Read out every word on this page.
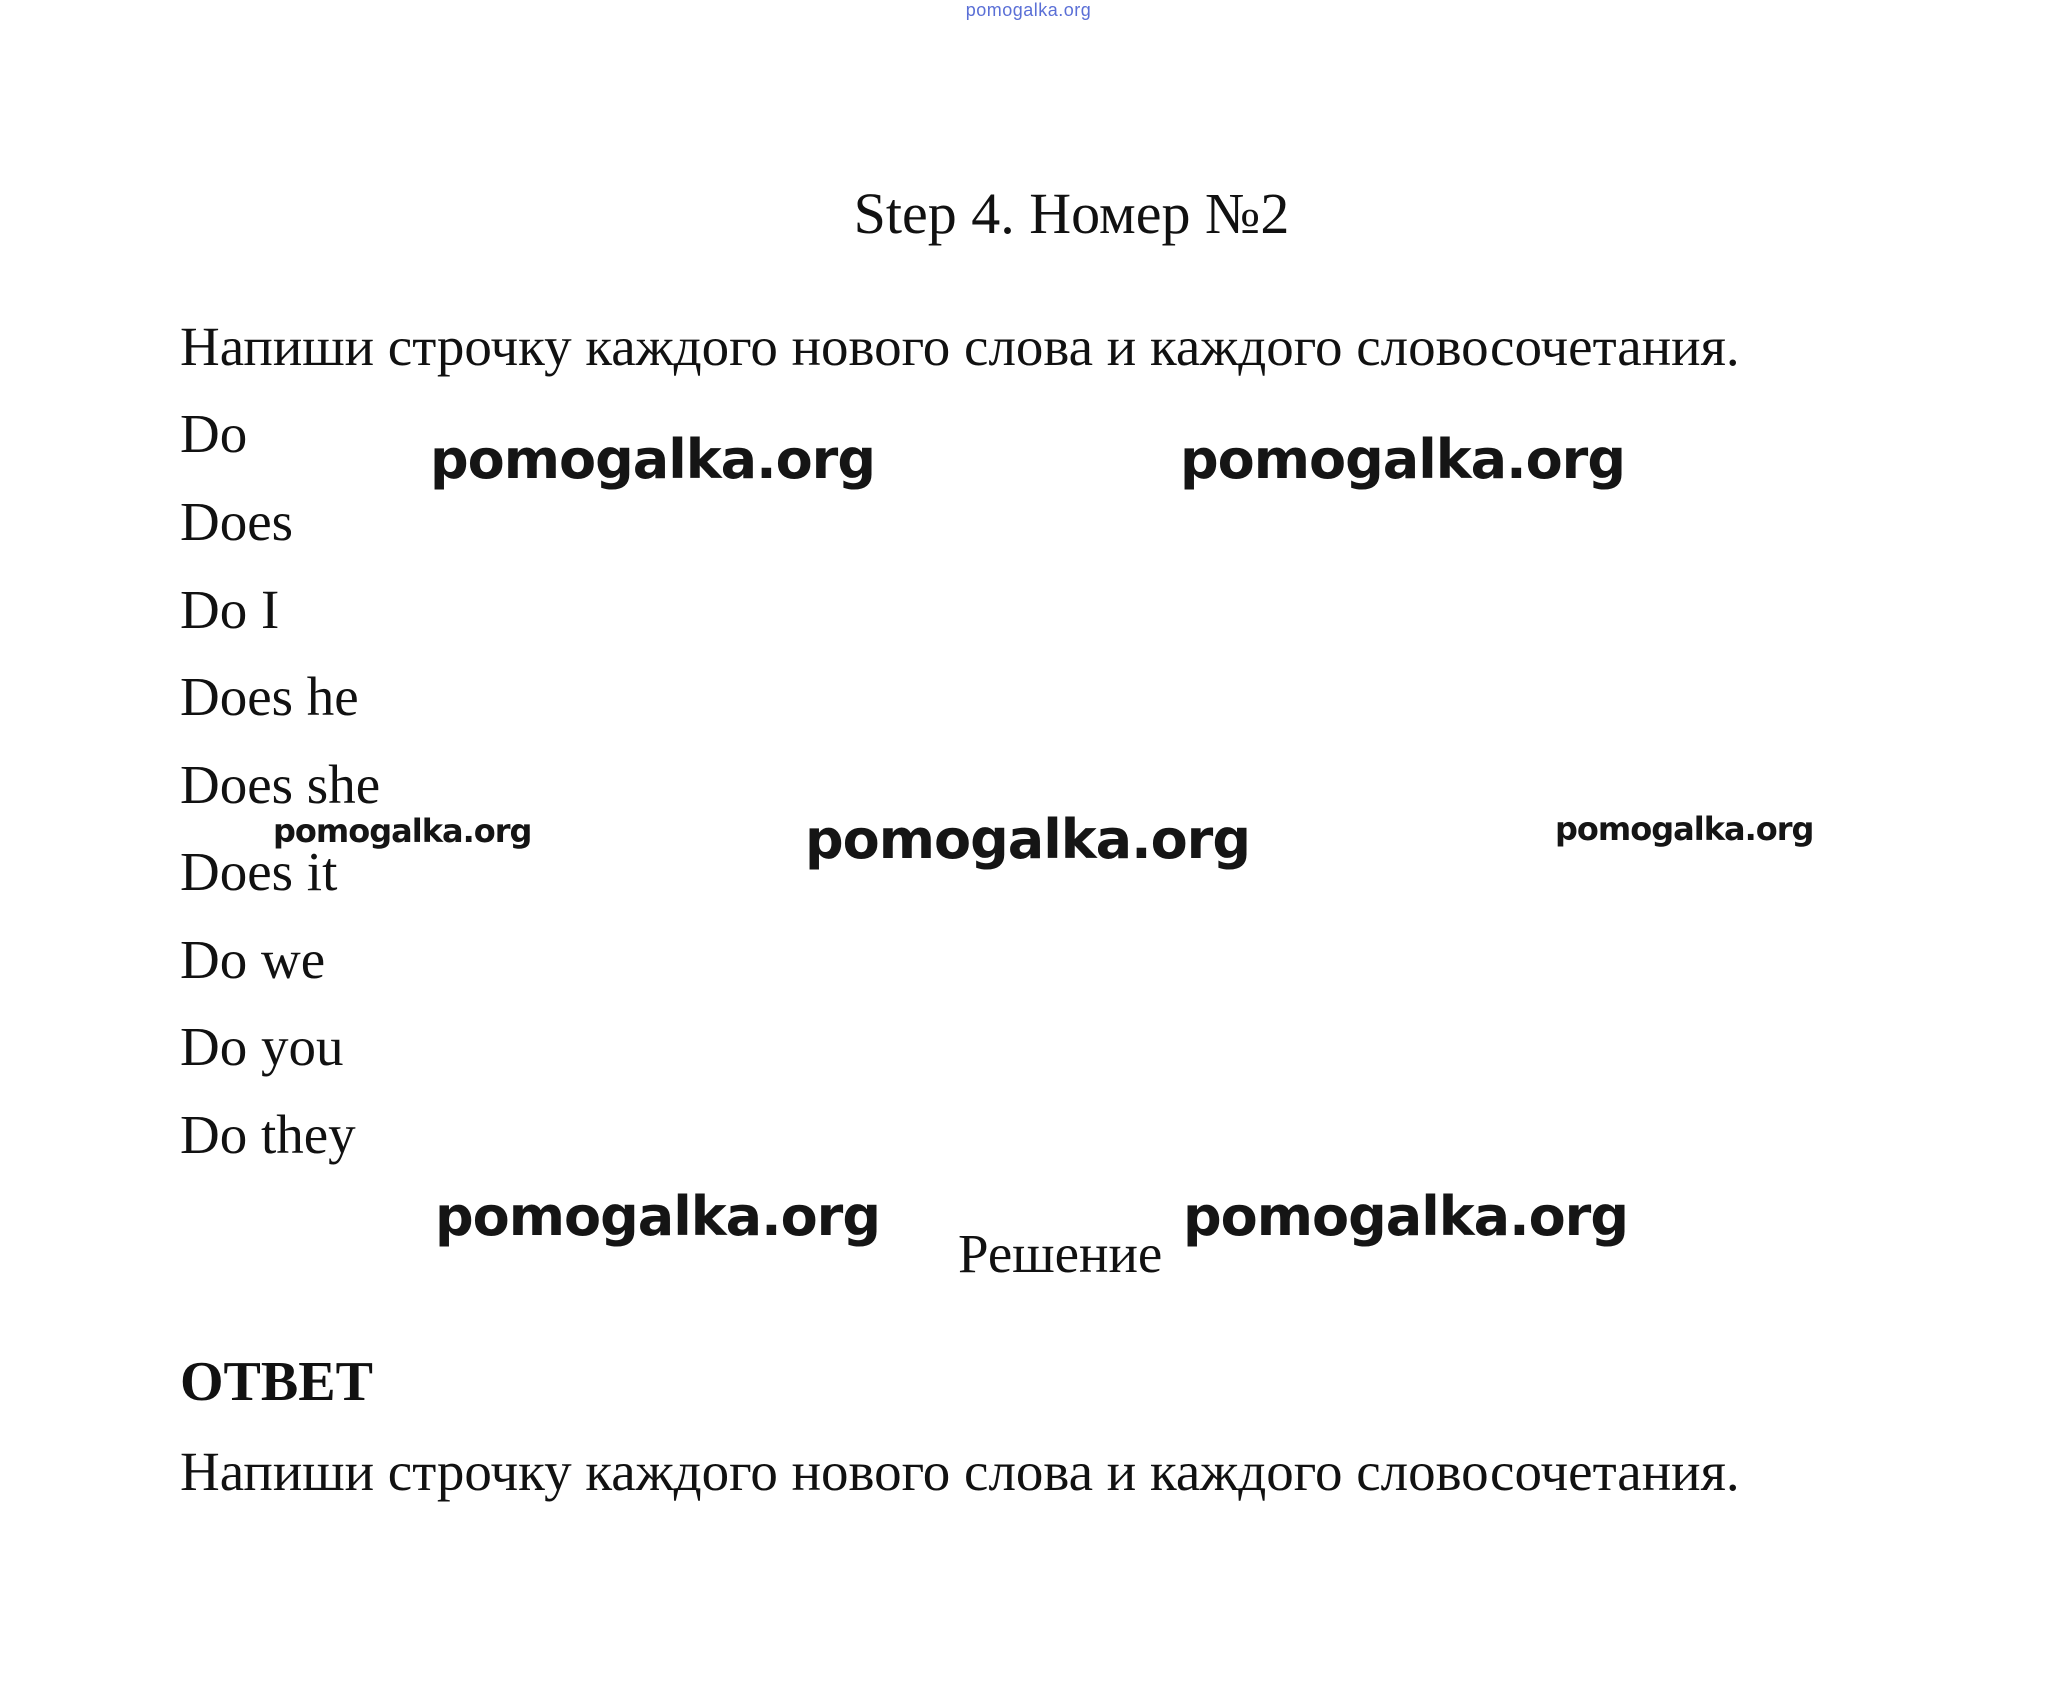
pomogalka.org
Step 4. Номер №2
Напиши строчку каждого нового слова и каждого словосочетания.
Do
Does
Do I
Does he
Does she
Does it
Do we
Do you
Do they
Решение
ОТВЕТ
Напиши строчку каждого нового слова и каждого словосочетания.
pomogalka.org	pomogalka.org
pomogalka.org	pomogalka.org	pomogalka.org
pomogalka.org	pomogalka.org
